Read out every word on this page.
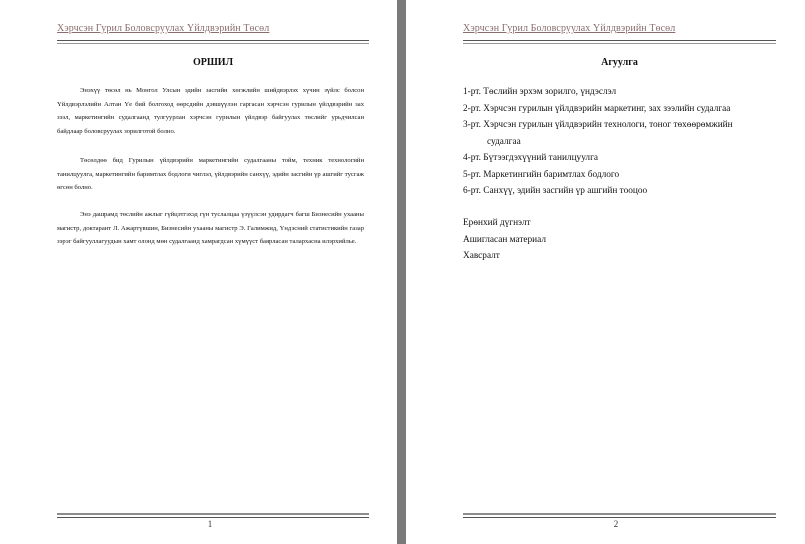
Хэрчсэн Гурил Боловсруулах Үйлдвэрийн Төсөл
ОРШИЛ
Энэхүү төсөл нь Монгол Улсын эдийн засгийн хөгжлийн шийдвэрлэх хүчин зүйлс болсон Үйлдвэрлэлийн Алтан Үе бий болгоход өөрсдийн дэвшүүлэн гаргасан хэрчсэн гурилын үйлдвэрийн зах зээл, маркетингийн судалгаанд тулгуурлан хэрчсэн гурилын үйлдвэр байгуулах төслийг урьдчилсан байдлаар боловсруулах зорилготой болно.
Төсөлдөө бид Гурилын үйлдвэрийн маркетингийн судалгааны тойм, техник технологийн танилцуулга, маркетингийн баримтлах бодлоги чиглэл, үйлдвэрийн санхүү, эдийн засгийн үр ашгийг тусгаж өгсөн болно.
Энэ дашрамд төслийн ажлыг гүйцэтгэхэд гүн туслалцаа үзүүлсэн удирдагч багш Бизнесийн ухааны магистр, доктарант Л. Ажартүвшин, Бизнесийн ухааны магистр Э. Галимжид, Үндэсний статистикийн газар зэрэг байгууллагуудын хамт олонд мөн судалгаанд хамрагдсан хүмүүст баярласан талархасна илэрхийлье.
1
Хэрчсэн Гурил Боловсруулах Үйлдвэрийн Төсөл
Агуулга
1-рт. Төслийн эрхэм зорилго, үндэслэл
2-рт. Хэрчсэн гурилын үйлдвэрийн маркетинг, зах зээлийн судалгаа
3-рт. Хэрчсэн гурилын үйлдвэрийн технологи, тоног төхөөрөмжийн
судалгаа
4-рт. Бүтээгдэхүүний танилцуулга
5-рт. Маркетингийн баримтлах бодлого
6-рт. Санхүү, эдийн засгийн үр ашгийн тооцоо
Ерөнхий дүгнэлт
Ашигласан материал
Хавсралт
2
